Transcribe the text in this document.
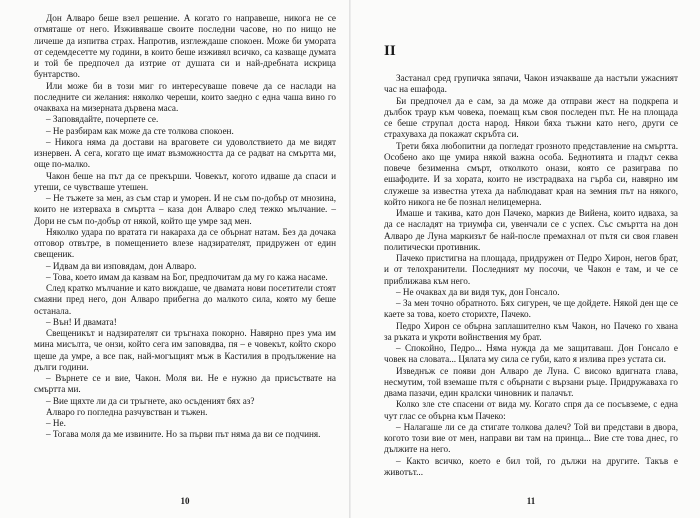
Дон Алваро беше взел решение. А когато го направеше, никога не се отмяташе от него. Изживяваше своите последни часове, но по нищо не личеше да изпитва страх. Напротив, изглеждаше спокоен. Може би умората от седемдесетте му години, в които беше изживял всичко, са казваще думата и той бе предпочел да изтрие от душата си и най-дребната искрица бунтарство.

Или може би в този миг го интересуваше повече да се наслади на последните си желания: няколко череши, които заедно с една чаша вино го очакваха на мизерната дървена маса.

– Заповядайте, почерпете се.

– Не разбирам как може да сте толкова спокоен.

– Никога няма да достави на враговете си удоволствието да ме видят изнервен. А сега, когато ще имат възможността да се радват на смъртта ми, още по-малко.

Чакон беше на път да се прекърши. Човекът, когото идваше да спаси и утеши, се чувстваше утешен.

– Не тъжете за мен, аз съм стар и уморен. И не съм по-добър от мнозина, които не изтерваха в смъртта – каза дон Алваро след тежко мълчание. – Дори не съм по-добър от някой, който ще умре зад мен.

Няколко удара по вратата ги накараха да се обърнат натам. Без да дочака отговор отвътре, в помещението влезе надзирателят, придружен от един свещеник.

– Идвам да ви изповядам, дон Алваро.

– Това, което имам да казвам на Бог, предпочитам да му го кажа насаме.

След кратко мълчание и като виждаше, че двамата нови посетители стоят смаяни пред него, дон Алваро прибегна до малкото сила, която му беше останала.

– Вън! И двамата!

Свещеникът и надзирателят си тръгнаха покорно. Навярно през ума им мина мисълта, че онзи, който сега им заповядва, пя – е човекът, който скоро щеше да умре, а все пак, най-могъщият мъж в Кастилия в продължение на дълги години.

– Върнете се и вие, Чакон. Моля ви. Не е нужно да присъствате на смъртта ми.

– Вие щяхте ли да си тръгнете, ако осъденият бях аз?

Алваро го погледна разчувстван и тъжен.

– Не.

– Тогава моля да ме извините. Но за първи път няма да ви се подчиня.

10
II

Застанал сред групичка зяпачи, Чакон изчакваше да настъпи ужасният час на ешафода.

Би предпочел да е сам, за да може да отправи жест на подкрепа и дълбок траур към човека, поемащ към своя последен път. Не на площада се беше струпал доста народ. Някои бяха тъжни като него, други се страхуваха да покажат скръбта си.

Трети бяха любопитни да погледат грозното представление на смъртта. Особено ако ще умира някой важна особа. Беднотията и гладът секва повече безименна смърт, отколкото онази, която се разиграва по ешафодите. И за хората, които не изстрадваха на гърба си, навярно им служеше за известна утеха да наблюдават края на земния път на някого, който никога не бе познал нелицемерна.

Имаше и такива, като дон Пачеко, маркиз де Вийена, които идваха, за да се насладят на триумфа си, увенчали се с успех. Със смъртта на дон Алваро де Луна маркизът бе най-после премахнал от пътя си своя главен политически противник.

Пачеко пристигна на площада, придружен от Педро Хирон, негов брат, и от телохранители. Последният му посочи, че Чакон е там, и че се приближава към него.

– Не очаквах да ви видя тук, дон Гонсало.

– За мен точно обратното. Бях сигурен, че ще дойдете. Някой ден ще се каете за това, което сторихте, Пачеко.

Педро Хирон се обърна заплашително към Чакон, но Пачеко го хвана за ръката и укроти войнствения му брат.

– Спокойно, Педро... Няма нужда да ме защитаваш. Дон Гонсало е човек на словата... Цялата му сила се губи, като я излива през устата си.

Изведнъж се появи дон Алваро де Луна. С високо вдигната глава, несмутим, той вземаше пътя с обърнати с вързани ръце. Придружаваха го двама пазачи, един кралски чиновник и палачът.

Колко зле сте спасени от вида му. Когато спря да се посъвземе, с една чут глас се обърна към Пачеко:

– Налагаше ли се да стигате толкова далеч? Той ви представи в двора, когото този вие от мен, направи ви там на принца... Вие сте това днес, го дължите на него.

– Както всичко, което е бил той, го дължи на другите. Такъв е животът...

11
